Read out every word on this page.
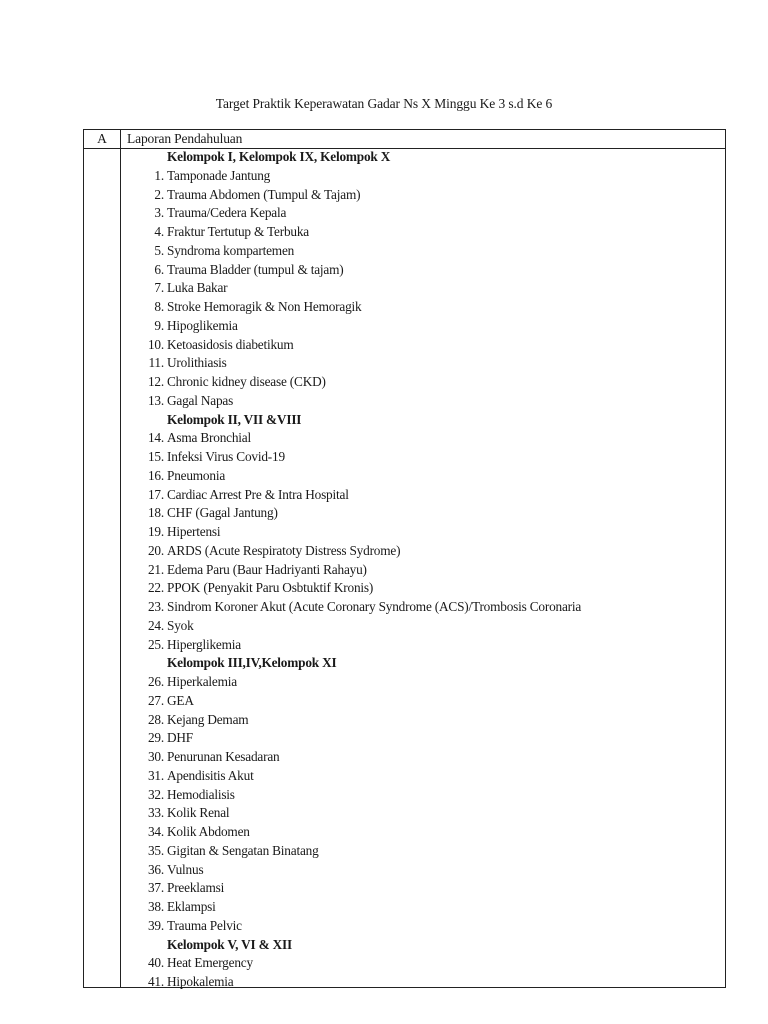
Target Praktik Keperawatan Gadar Ns X Minggu Ke 3 s.d Ke 6
A	Laporan Pendahuluan
Kelompok I, Kelompok IX, Kelompok X
1. Tamponade Jantung
2. Trauma Abdomen (Tumpul & Tajam)
3. Trauma/Cedera Kepala
4. Fraktur Tertutup & Terbuka
5. Syndroma kompartemen
6. Trauma Bladder (tumpul & tajam)
7. Luka Bakar
8. Stroke Hemoragik & Non Hemoragik
9. Hipoglikemia
10. Ketoasidosis diabetikum
11. Urolithiasis
12. Chronic kidney disease (CKD)
13. Gagal Napas
Kelompok II, VII &VIII
14. Asma Bronchial
15. Infeksi Virus Covid-19
16. Pneumonia
17. Cardiac Arrest Pre & Intra Hospital
18. CHF (Gagal Jantung)
19. Hipertensi
20. ARDS (Acute Respiratoty Distress Sydrome)
21. Edema Paru (Baur Hadriyanti Rahayu)
22. PPOK (Penyakit Paru Osbtuktif Kronis)
23. Sindrom Koroner Akut (Acute Coronary Syndrome (ACS)/Trombosis Coronaria
24. Syok
25. Hiperglikemia
Kelompok III,IV,Kelompok XI
26. Hiperkalemia
27. GEA
28. Kejang Demam
29. DHF
30. Penurunan Kesadaran
31. Apendisitis Akut
32. Hemodialisis
33. Kolik Renal
34. Kolik Abdomen
35. Gigitan & Sengatan Binatang
36. Vulnus
37. Preeklamsi
38. Eklampsi
39. Trauma Pelvic
Kelompok V, VI & XII
40. Heat Emergency
41. Hipokalemia
